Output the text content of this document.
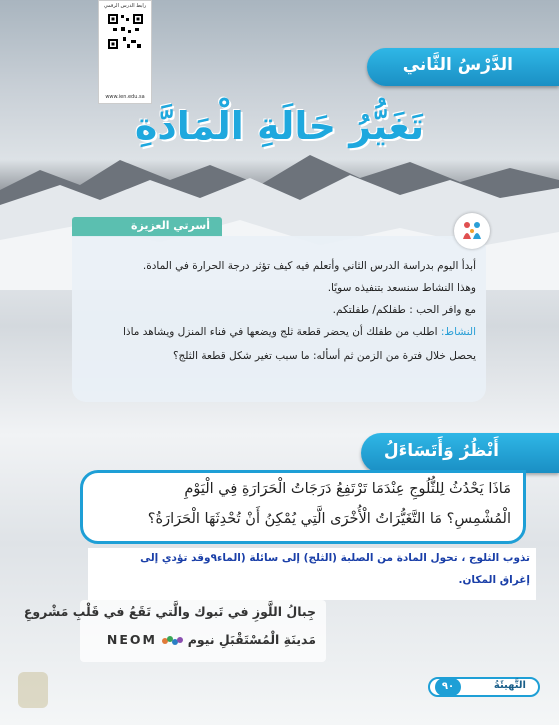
رابط الدرس الرقمي
www.ien.edu.sa
الدَّرْسُ الثَّاني
تَغَيُّرُ حَالَةِ الْمَادَّةِ
أسرتي العزيزة
أبدأ اليوم بدراسة الدرس الثاني وأتعلم فيه كيف تؤثر درجة الحرارة في المادة.
وهذا النشاط سنسعد بتنفيذه سويًا.
مع وافر الحب : طفلكم/ طفلتكم.
النشاط: اطلب من طفلك أن يحضر قطعة ثلج ويضعها في فناء المنزل ويشاهد ماذا
يحصل خلال فترة من الزمن ثم أسأله: ما سبب تغير شكل قطعة الثلج؟
أَنْظُرُ وَأَتَسَاءَلُ
مَاذَا يَحْدُثُ لِلثُّلُوجِ عِنْدَمَا تَرْتَفِعُ دَرَجَاتُ الْحَرَارَةِ فِي الْيَوْمِ
الْمُشْمِسِ؟ مَا التَّغَيُّرَاتُ الْأُخْرَى الَّتِي يُمْكِنُ أَنْ تُحْدِثَهَا الْحَرَارَةُ؟
تذوب الثلوج ، تحول المادة من الصلبة (الثلج) إلى سائلة (الماء٩وقد تؤدي إلى
إغراق المكان.
جِبالُ اللَّوزِ في تَبوك والَّتي تَقَعُ في قَلْبِ مَشْروعِ
مَدينَةِ الْمُسْتَقْبَلِ نيوم  NEOM
٩٠	التَّهيئَةُ
